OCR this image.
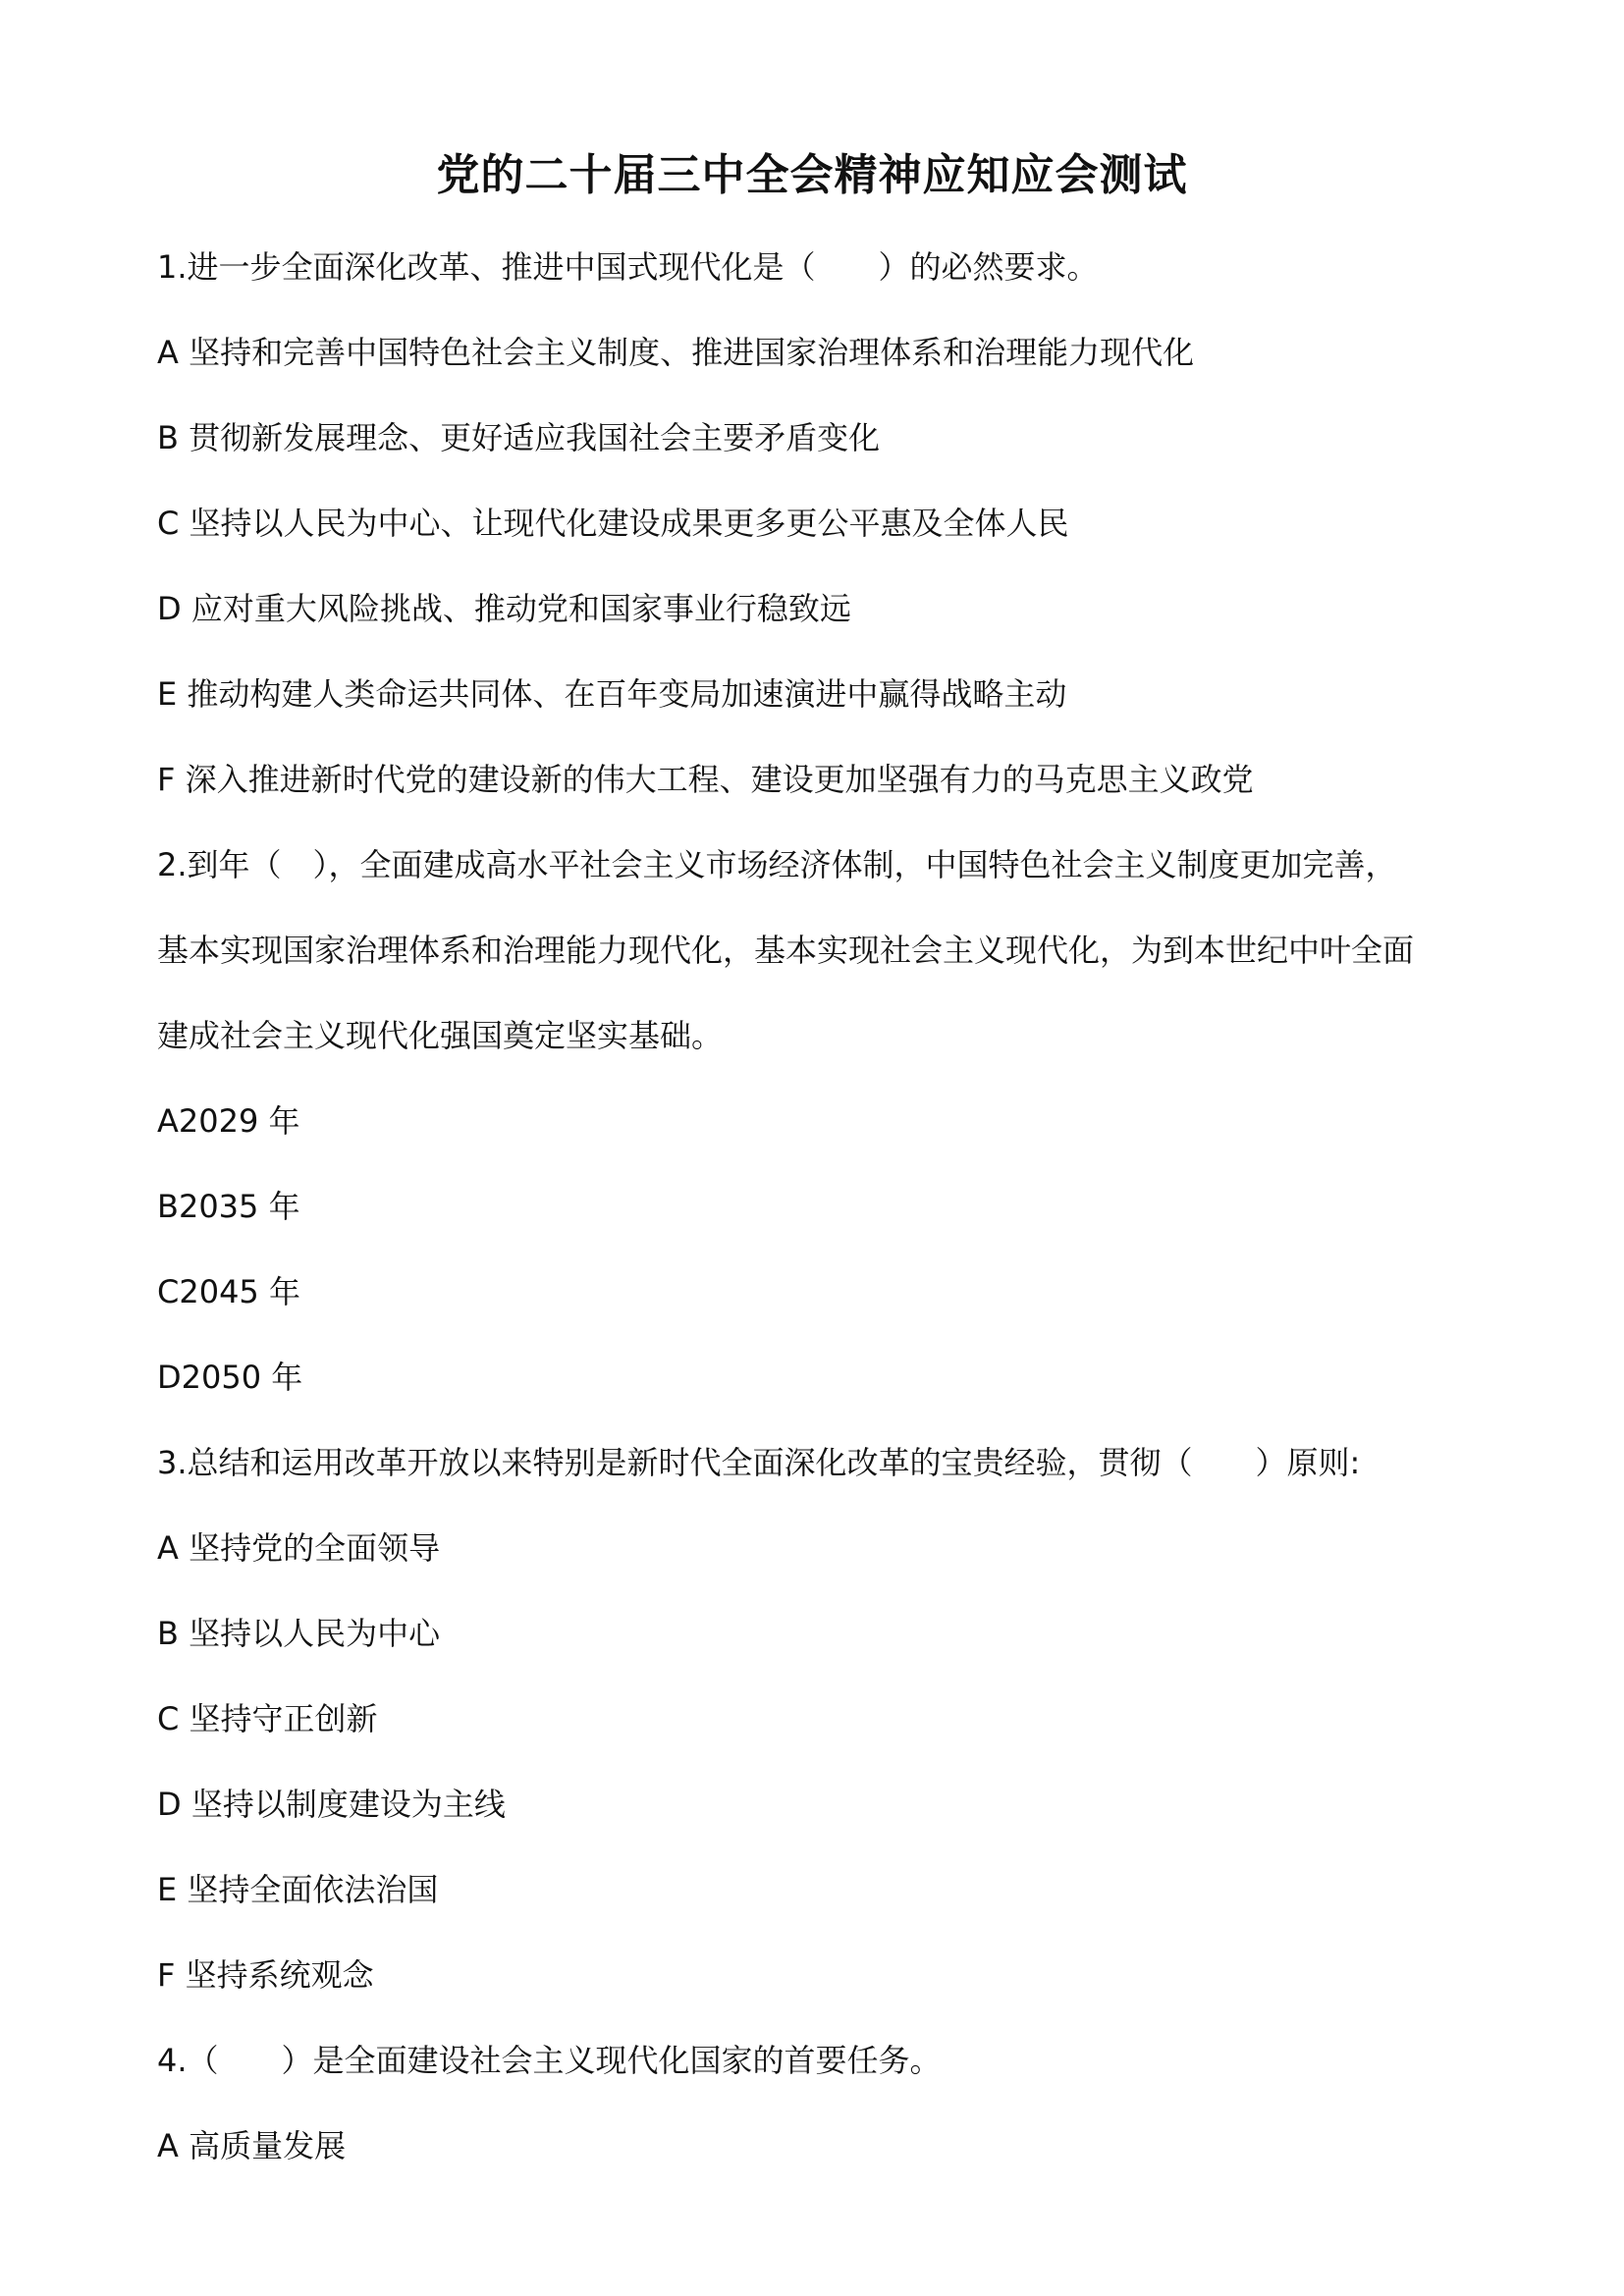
党的二十届三中全会精神应知应会测试
1.进一步全面深化改革、推进中国式现代化是（　　）的必然要求。
A 坚持和完善中国特色社会主义制度、推进国家治理体系和治理能力现代化
B 贯彻新发展理念、更好适应我国社会主要矛盾变化
C 坚持以人民为中心、让现代化建设成果更多更公平惠及全体人民
D 应对重大风险挑战、推动党和国家事业行稳致远
E 推动构建人类命运共同体、在百年变局加速演进中赢得战略主动
F 深入推进新时代党的建设新的伟大工程、建设更加坚强有力的马克思主义政党
2.到年（　），全面建成高水平社会主义市场经济体制，中国特色社会主义制度更加完善，
基本实现国家治理体系和治理能力现代化，基本实现社会主义现代化，为到本世纪中叶全面
建成社会主义现代化强国奠定坚实基础。
A2029 年
B2035 年
C2045 年
D2050 年
3.总结和运用改革开放以来特别是新时代全面深化改革的宝贵经验，贯彻（　　）原则:
A 坚持党的全面领导
B 坚持以人民为中心
C 坚持守正创新
D 坚持以制度建设为主线
E 坚持全面依法治国
F 坚持系统观念
4.（　　）是全面建设社会主义现代化国家的首要任务。
A 高质量发展
